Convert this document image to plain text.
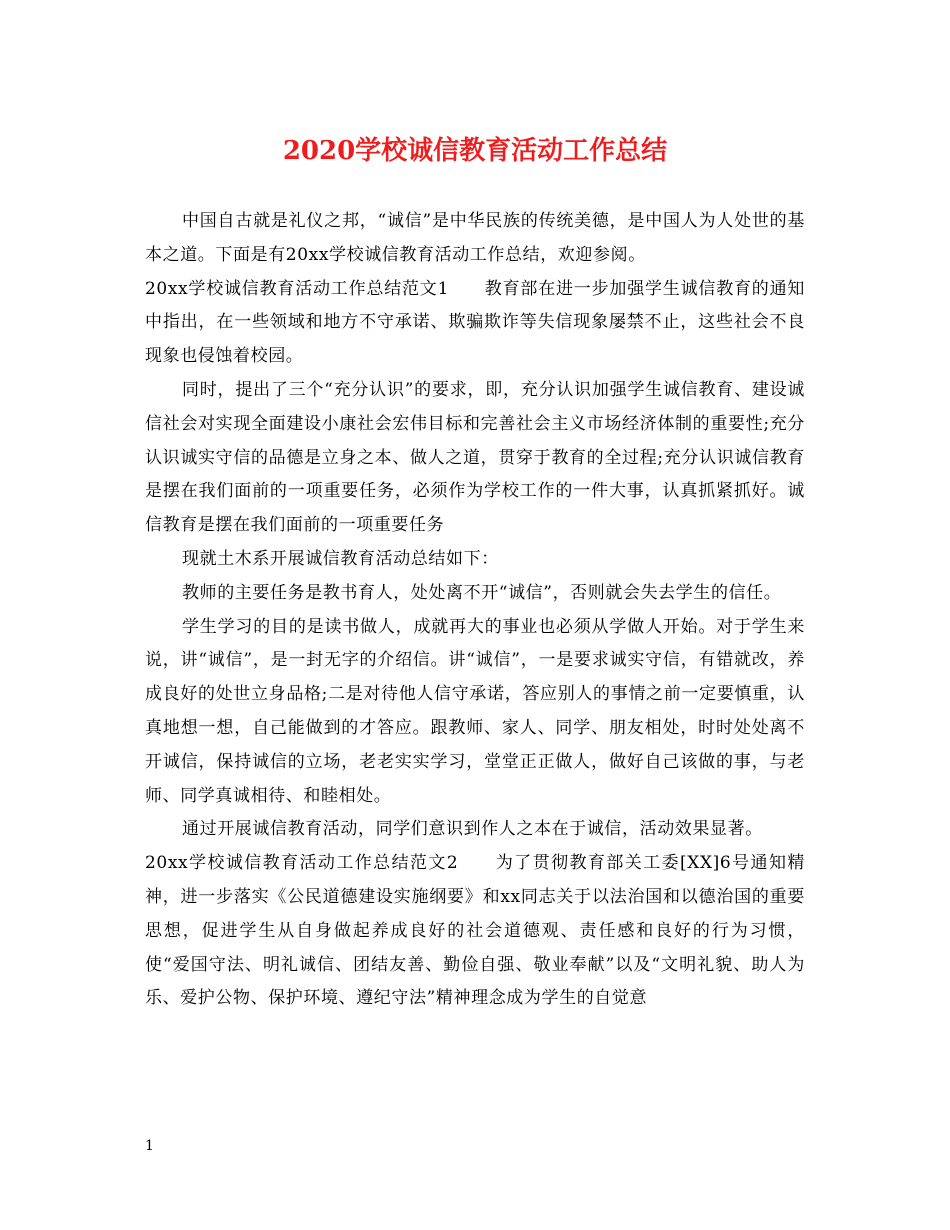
2020学校诚信教育活动工作总结

中国自古就是礼仪之邦，“诚信”是中华民族的传统美德，是中国人为人处世的基本之道。下面是有20xx学校诚信教育活动工作总结，欢迎参阅。

20xx学校诚信教育活动工作总结范文1　　教育部在进一步加强学生诚信教育的通知中指出，在一些领域和地方不守承诺、欺骗欺诈等失信现象屡禁不止，这些社会不良现象也侵蚀着校园。

同时，提出了三个“充分认识”的要求，即，充分认识加强学生诚信教育、建设诚信社会对实现全面建设小康社会宏伟目标和完善社会主义市场经济体制的重要性;充分认识诚实守信的品德是立身之本、做人之道，贯穿于教育的全过程;充分认识诚信教育是摆在我们面前的一项重要任务，必须作为学校工作的一件大事，认真抓紧抓好。诚信教育是摆在我们面前的一项重要任务

现就土木系开展诚信教育活动总结如下：

教师的主要任务是教书育人，处处离不开“诚信”，否则就会失去学生的信任。

学生学习的目的是读书做人，成就再大的事业也必须从学做人开始。对于学生来说，讲“诚信”，是一封无字的介绍信。讲“诚信”，一是要求诚实守信，有错就改，养成良好的处世立身品格;二是对待他人信守承诺，答应别人的事情之前一定要慎重，认真地想一想，自己能做到的才答应。跟教师、家人、同学、朋友相处，时时处处离不开诚信，保持诚信的立场，老老实实学习，堂堂正正做人，做好自己该做的事，与老师、同学真诚相待、和睦相处。

通过开展诚信教育活动，同学们意识到作人之本在于诚信，活动效果显著。

20xx学校诚信教育活动工作总结范文2　　为了贯彻教育部关工委[XX]6号通知精神，进一步落实《公民道德建设实施纲要》和xx同志关于以法治国和以德治国的重要思想，促进学生从自身做起养成良好的社会道德观、责任感和良好的行为习惯，使“爱国守法、明礼诚信、团结友善、勤俭自强、敬业奉献”以及“文明礼貌、助人为乐、爱护公物、保护环境、遵纪守法”精神理念成为学生的自觉意

1
